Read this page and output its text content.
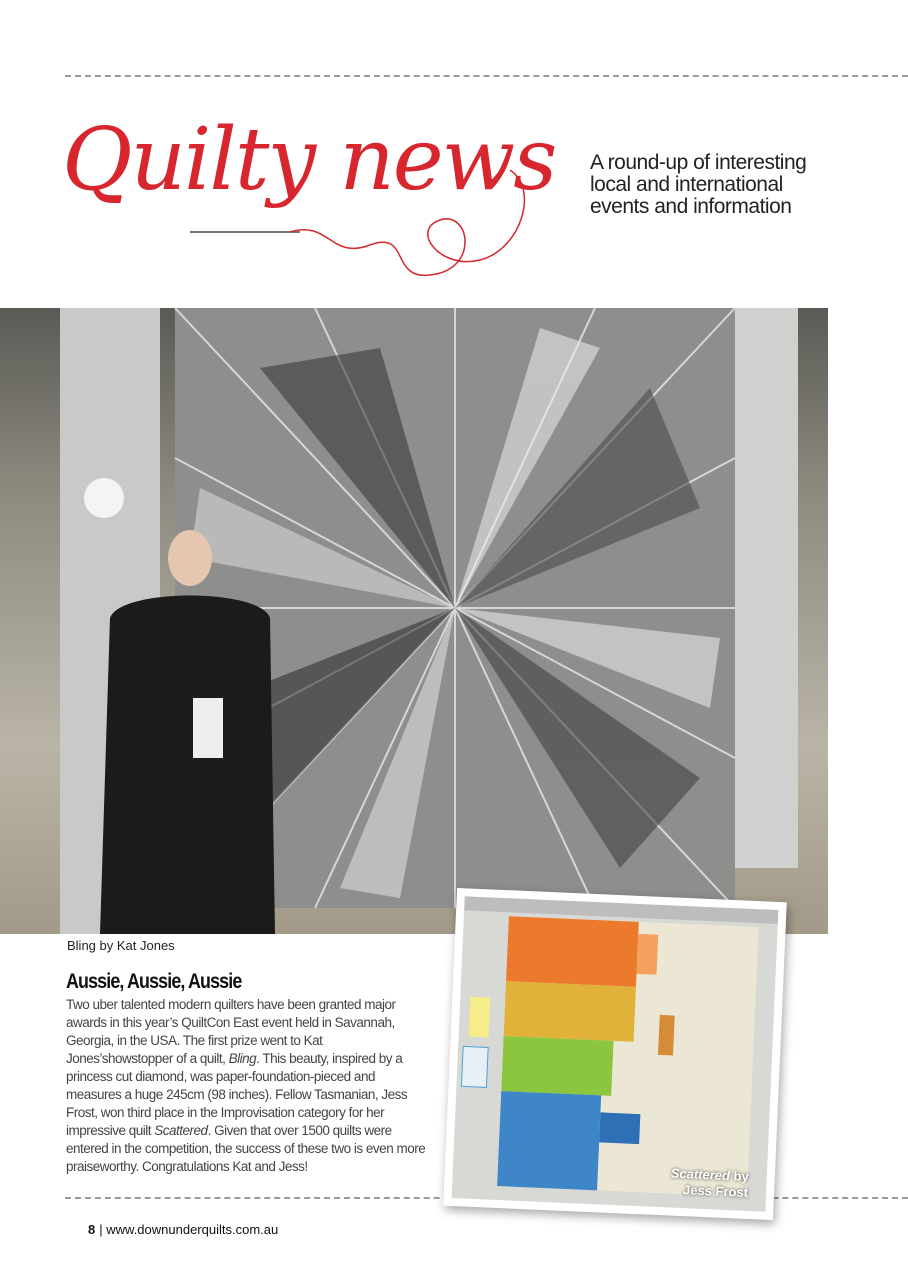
Quilty news A round-up of interesting local and international events and information
Bling by Kat Jones
Aussie, Aussie, Aussie
Two uber talented modern quilters have been granted major awards in this year’s QuiltCon East event held in Savannah, Georgia, in the USA. The first prize went to Kat Jones’showstopper of a quilt, Bling. This beauty, inspired by a princess cut diamond, was paper-foundation-pieced and measures a huge 245cm (98 inches). Fellow Tasmanian, Jess Frost, won third place in the Improvisation category for her impressive quilt Scattered. Given that over 1500 quilts were entered in the competition, the success of these two is even more praiseworthy. Congratulations Kat and Jess!	Scattered by
Jess Frost
8 | www.downunderquilts.com.au
